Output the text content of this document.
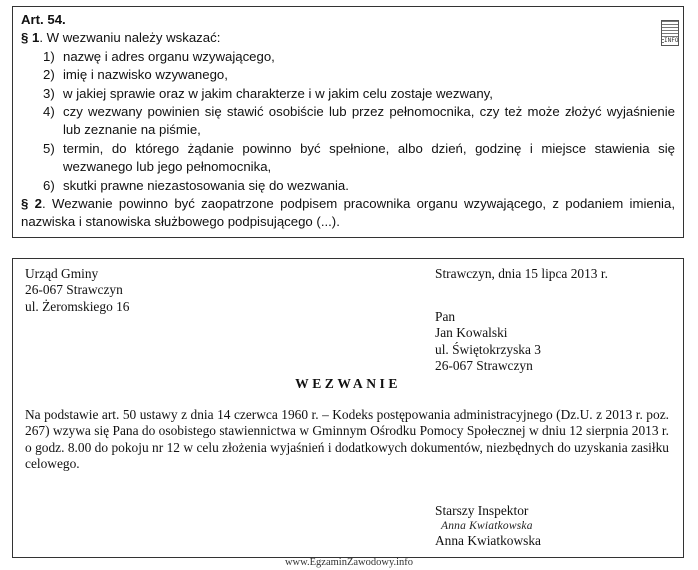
INFO
Art. 54.
§ 1. W wezwaniu należy wskazać:
1) nazwę i adres organu wzywającego,
2) imię i nazwisko wzywanego,
3) w jakiej sprawie oraz w jakim charakterze i w jakim celu zostaje wezwany,
4) czy wezwany powinien się stawić osobiście lub przez pełnomocnika, czy też może złożyć wyjaśnienie lub zeznanie na piśmie,
5) termin, do którego żądanie powinno być spełnione, albo dzień, godzinę i miejsce stawienia się wezwanego lub jego pełnomocnika,
6) skutki prawne niezastosowania się do wezwania.
§ 2. Wezwanie powinno być zaopatrzone podpisem pracownika organu wzywającego, z podaniem imienia, nazwiska i stanowiska służbowego podpisującego (...).
Urząd Gminy
26-067 Strawczyn
ul. Żeromskiego 16
Strawczyn, dnia 15 lipca 2013 r.
Pan
Jan Kowalski
ul. Świętokrzyska 3
26-067 Strawczyn
WEZWANIE
Na podstawie art. 50 ustawy z dnia 14 czerwca 1960 r. – Kodeks postępowania administracyjnego (Dz.U. z 2013 r. poz. 267) wzywa się Pana do osobistego stawiennictwa w Gminnym Ośrodku Pomocy Społecznej w dniu 12 sierpnia 2013 r. o godz. 8.00 do pokoju nr 12 w celu złożenia wyjaśnień i dodatkowych dokumentów, niezbędnych do uzyskania zasiłku celowego.
Starszy Inspektor
Anna Kwiatkowska
Anna Kwiatkowska
www.EgzaminZawodowy.info
